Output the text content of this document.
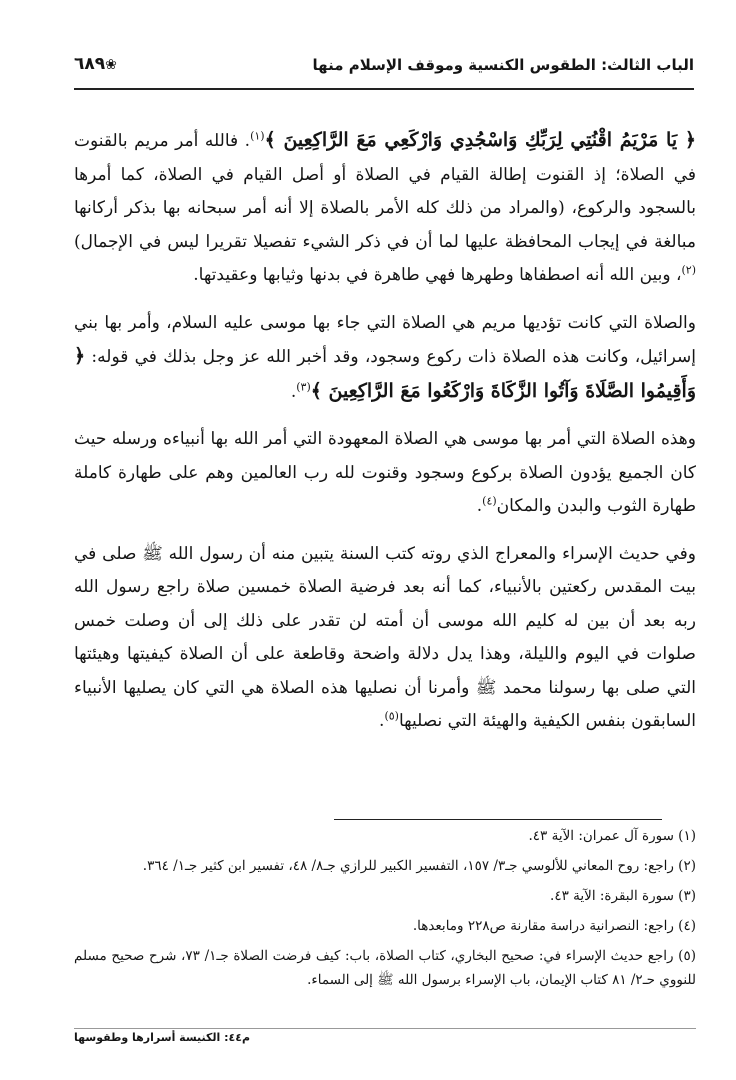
الباب الثالث: الطقوس الكنسية وموقف الإسلام منها
٦٨٩❀

﴿ يَا مَرْيَمُ اقْنُتِي لِرَبِّكِ وَاسْجُدِي وَارْكَعِي مَعَ الرَّاكِعِينَ ﴾$^{(١)}$. فالله أمر مريم بالقنوت في الصلاة؛ إذ القنوت إطالة القيام في الصلاة أو أصل القيام في الصلاة، كما أمرها بالسجود والركوع، (والمراد من ذلك كله الأمر بالصلاة إلا أنه أمر سبحانه بها بذكر أركانها مبالغة في إيجاب المحافظة عليها لما أن في ذكر الشيء تفصيلا تقريرا ليس في الإجمال)$^{(٢)}$، وبين الله أنه اصطفاها وطهرها فهي طاهرة في بدنها وثيابها وعقيدتها.

والصلاة التي كانت تؤديها مريم هي الصلاة التي جاء بها موسى عليه السلام، وأمر بها بني إسرائيل، وكانت هذه الصلاة ذات ركوع وسجود، وقد أخبر الله عز وجل بذلك في قوله: ﴿ وَأَقِيمُوا الصَّلَاةَ وَآتُوا الزَّكَاةَ وَارْكَعُوا مَعَ الرَّاكِعِينَ ﴾$^{(٣)}$.

وهذه الصلاة التي أمر بها موسى هي الصلاة المعهودة التي أمر الله بها أنبياءه ورسله حيث كان الجميع يؤدون الصلاة بركوع وسجود وقنوت لله رب العالمين وهم على طهارة كاملة طهارة الثوب والبدن والمكان$^{(٤)}$.

وفي حديث الإسراء والمعراج الذي روته كتب السنة يتبين منه أن رسول الله ﷺ صلى في بيت المقدس ركعتين بالأنبياء، كما أنه بعد فرضية الصلاة خمسين صلاة راجع رسول الله ربه بعد أن بين له كليم الله موسى أن أمته لن تقدر على ذلك إلى أن وصلت خمس صلوات في اليوم والليلة، وهذا يدل دلالة واضحة وقاطعة على أن الصلاة كيفيتها وهيئتها التي صلى بها رسولنا محمد ﷺ وأمرنا أن نصليها هذه الصلاة هي التي كان يصليها الأنبياء السابقون بنفس الكيفية والهيئة التي نصليها$^{(٥)}$.

(١) سورة آل عمران: الآية ٤٣.

(٢) راجع: روح المعاني للألوسي جـ٣/ ١٥٧، التفسير الكبير للرازي جـ٨/ ٤٨، تفسير ابن كثير جـ١/ ٣٦٤.

(٣) سورة البقرة: الآية ٤٣.

(٤) راجع: النصرانية دراسة مقارنة ص٢٢٨ ومابعدها.

(٥) راجع حديث الإسراء في: صحيح البخاري، كتاب الصلاة، باب: كيف فرضت الصلاة جـ١/ ٧٣، شرح صحيح مسلم للنووي حـ٢/ ٨١ كتاب الإيمان، باب الإسراء برسول الله ﷺ إلى السماء.

م٤٤: الكنيسة أسرارها وطقوسها
